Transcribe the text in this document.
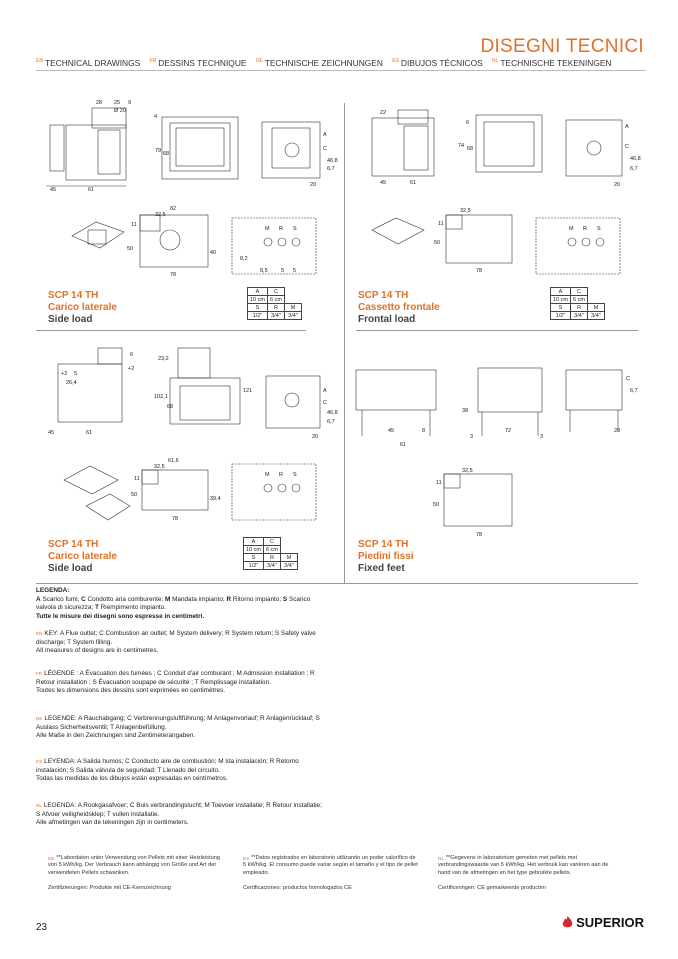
DISEGNI TECNICI
$^{EN}$ TECHNICAL DRAWINGS $^{FR}$ DESSINS TECHNIQUE $^{DE}$ TECHNISCHE ZEICHNUNGEN $^{ES}$ DIBUJOS TÉCNICOS $^{NL}$ TECHNISCHE TEKENINGEN
28 25 9
Ø 20
45	61
4
79 68
A
C
46,8
6,7
20
82
32,5
11
50
78
40
M R S
8,2
8,5 5 5
22
45	61
6
74 68
A
C
46,8
6,7
20
32,5
11
50
78
M R S
+2 5
6
+2
26,4
45	61
23,2
102,1
68
121	A
C
46,8
6,7
20
61,6
32,5
11
50
78
39,4
M R S
45
61
8
38
3
72
3
C
6,7
20
32,5
11
50
78
SCP 14 TH
Carico laterale
Side load
A	C	
10 cm	6 cm	
S	R	M
1/2"	3/4"	3/4"
SCP 14 TH
Cassetto frontale
Frontal load
A	C	
10 cm	6 cm	
S	R	M
1/2"	3/4"	3/4"
SCP 14 TH
Carico laterale
Side load
A	C	
10 cm	6 cm	
S	R	M
1/2"	3/4"	3/4"
SCP 14 TH
Piedini fissi
Fixed feet
LEGENDA:
A Scarico fumi; C Condotto aria comburente; M Mandata impianto; R Ritorno impianto; S Scarico valvola di sicurezza; T Riempimento impianto.
Tutte le misure dei disegni sono espresse in centimetri.
$^{EN}$ KEY: A Flue outlet; C Combustion air outlet; M System delivery; R System return; S Safety valve discharge; T System filling.
All measures of designs are in centimetres.
$^{FR}$ LÉGENDE : A Évacuation des fumées ; C Conduit d'air comburant ; M Admission installation ; R Retour installation ; S Évacuation soupape de sécurité ; T Remplissage installation.
Toutes les dimensions des dessins sont exprimées en centimètres.
$^{DE}$ LEGENDE: A Rauchabgang; C Verbrennungsluftführung; M Anlagenvorlauf; R Anlagenrücklauf; S Auslass Sicherheitsventil; T Anlagenbefüllung.
Alle Maße in den Zeichnungen sind Zentimeterangaben.
$^{ES}$ LEYENDA: A Salida humos; C Conducto aire de combustión; M Ida instalación; R Retorno instalación; S Salida válvula de seguridad; T Llenado del circuito.
Todas las medidas de los dibujos están expresadas en centímetros.
$^{NL}$ LEGENDA: A Rookgasafvoer; C Buis verbrandingslucht; M Toevoer installatie; R Retour installatie; S Afvoer veiligheidsklep; T vullen installatie.
Alle afmetingen van de tekeningen zijn in centimeters.
$^{DE}$ **Labordaten unter Verwendung von Pellets mit einer Heizleistung von 5 kWh/kg. Der Verbrauch kann abhängig von Größe und Art der verwendeten Pellets schwanken.

Zertifizierungen: Produkte mit CE-Kennzeichnung
$^{ES}$ **Datos registrados en laboratorio utilizando un poder calorífico de 5 kWh/kg. El consumo puede variar según el tamaño y el tipo de pellet empleado.

Certificaciones: productos homologados CE
$^{NL}$ **Gegevens in laboratorium gemeten met pellets met verbrandingswaarde van 5 kWh/kg. Het verbruik kan variëren aan de hand van de afmetingen en het type gebruikte pellets.

Certificeringen: CE gemarkeerde producten
23	SUPERIOR
